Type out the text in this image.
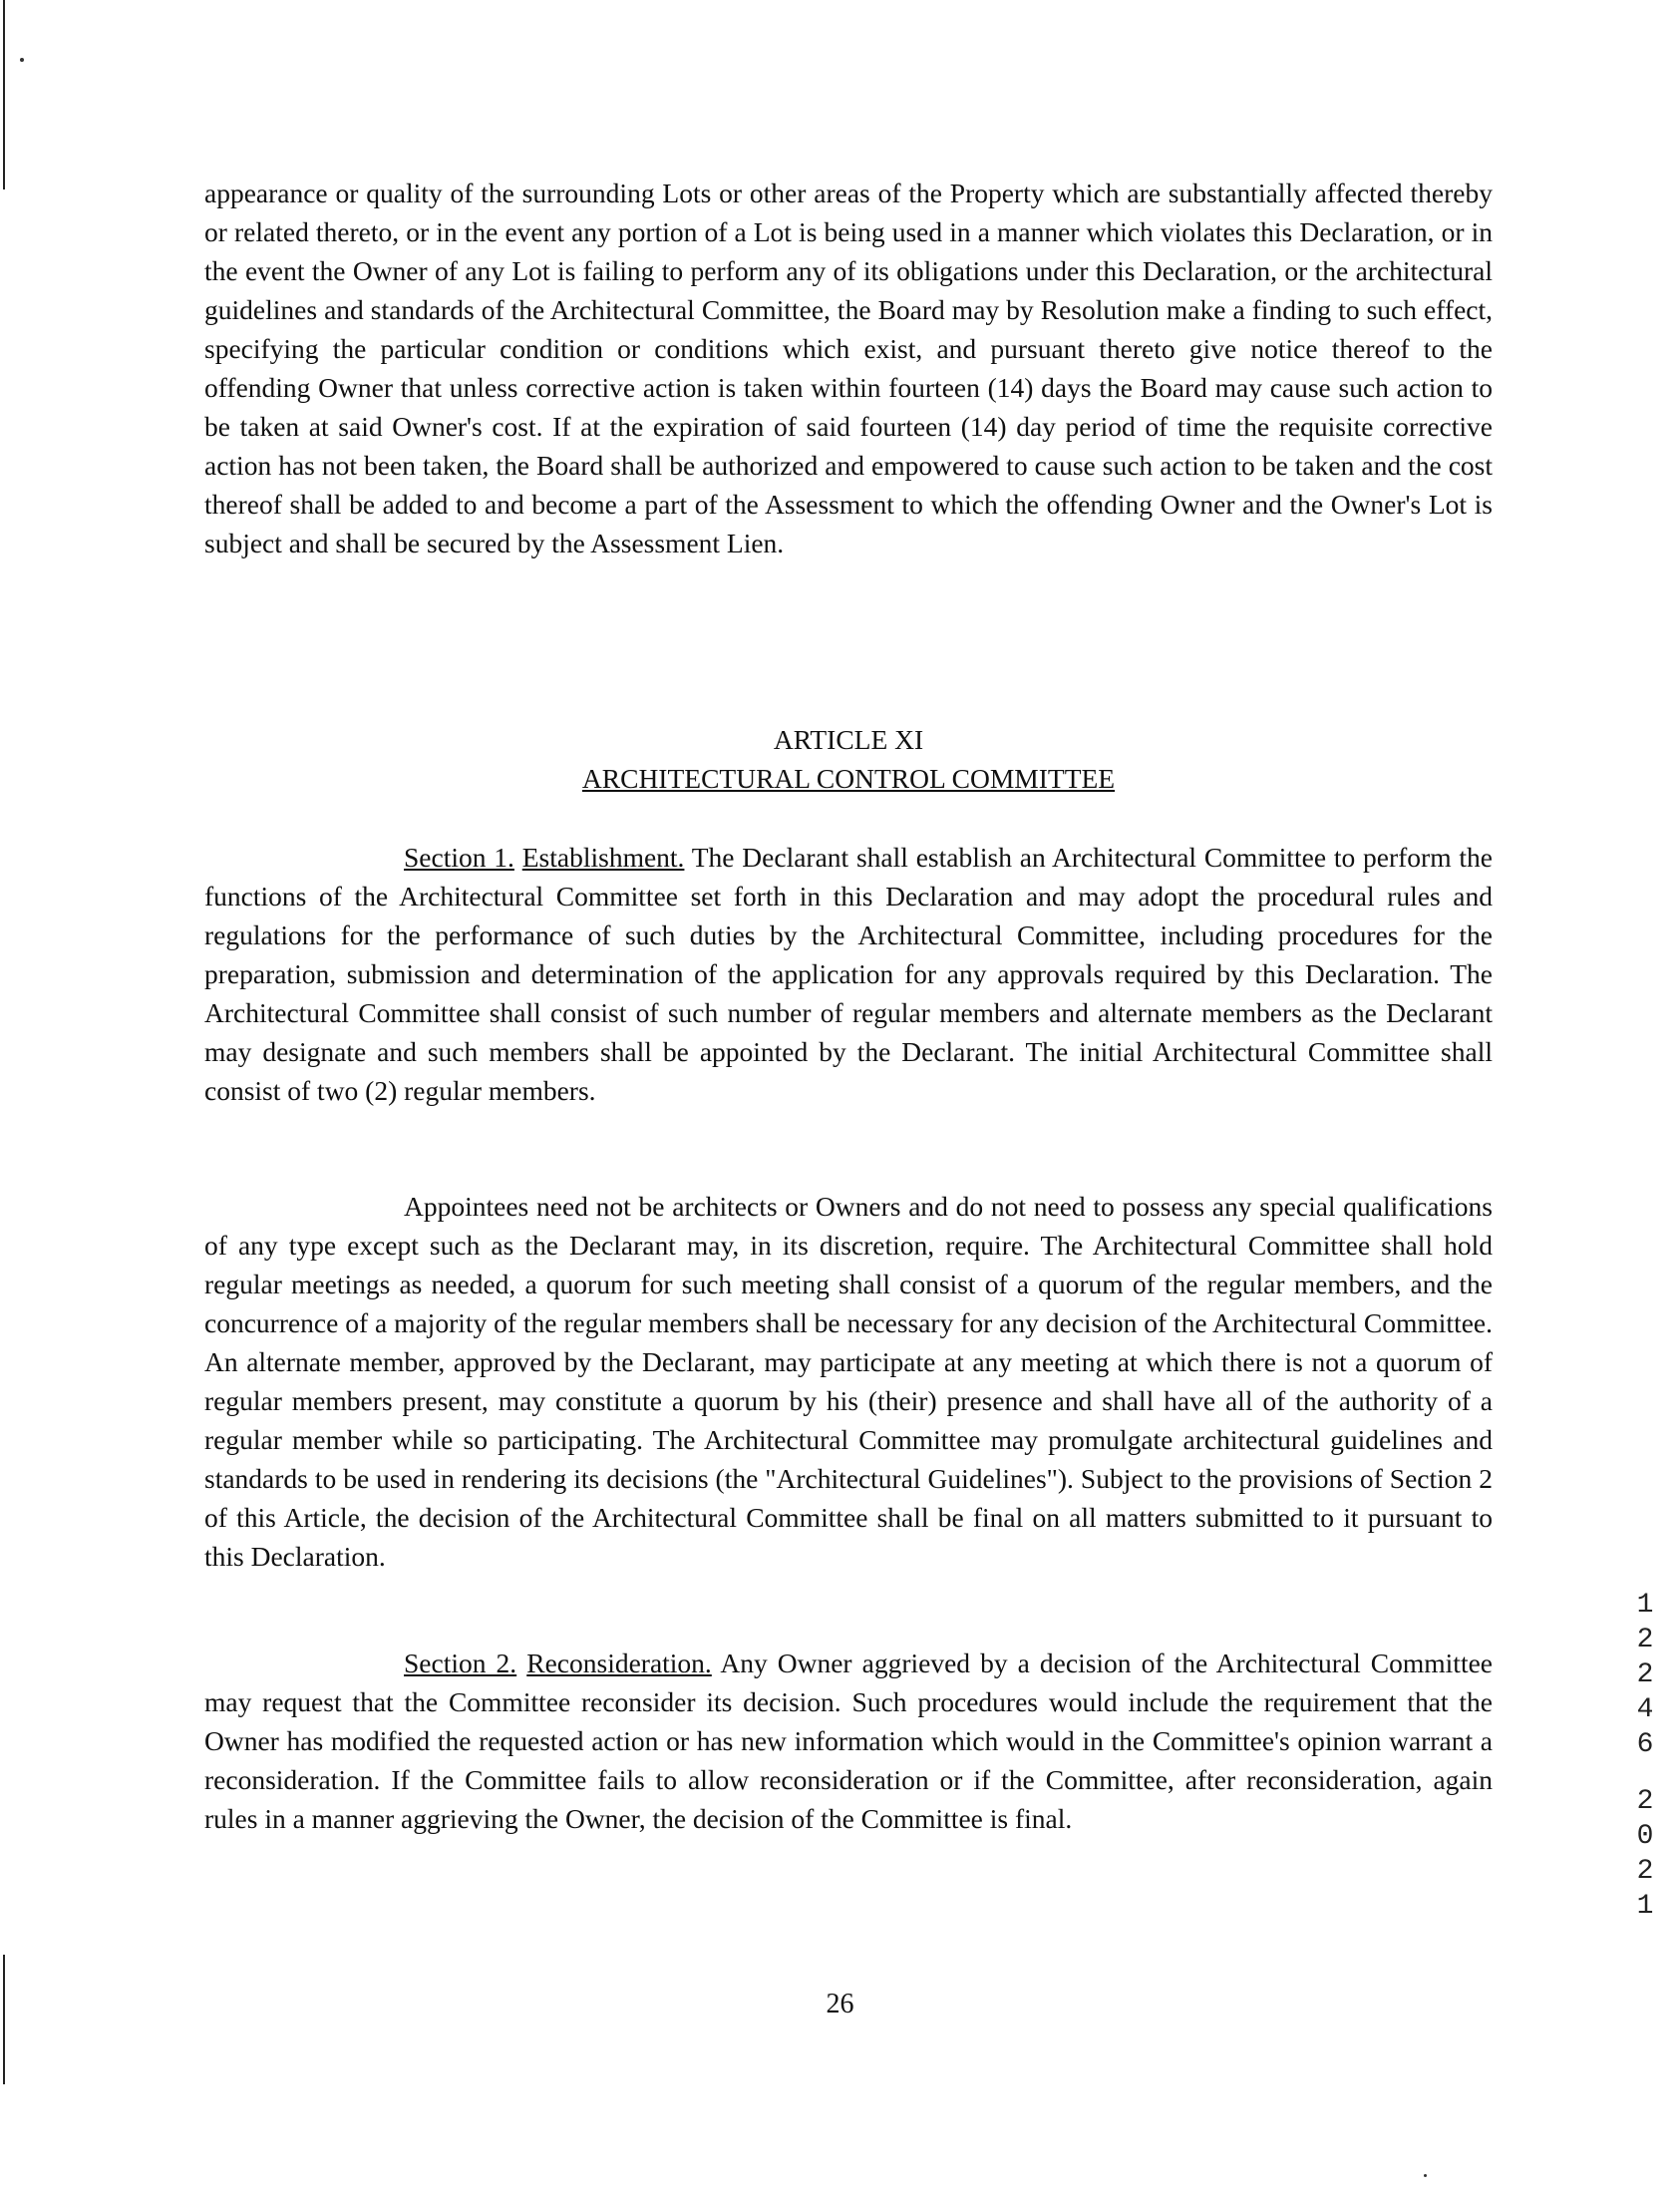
appearance or quality of the surrounding Lots or other areas of the Property which are substantially affected thereby or related thereto, or in the event any portion of a Lot is being used in a manner which violates this Declaration, or in the event the Owner of any Lot is failing to perform any of its obligations under this Declaration, or the architectural guidelines and standards of the Architectural Committee, the Board may by Resolution make a finding to such effect, specifying the particular condition or conditions which exist, and pursuant thereto give notice thereof to the offending Owner that unless corrective action is taken within fourteen (14) days the Board may cause such action to be taken at said Owner's cost. If at the expiration of said fourteen (14) day period of time the requisite corrective action has not been taken, the Board shall be authorized and empowered to cause such action to be taken and the cost thereof shall be added to and become a part of the Assessment to which the offending Owner and the Owner's Lot is subject and shall be secured by the Assessment Lien.

ARTICLE XI
ARCHITECTURAL CONTROL COMMITTEE

Section 1. Establishment. The Declarant shall establish an Architectural Committee to perform the functions of the Architectural Committee set forth in this Declaration and may adopt the procedural rules and regulations for the performance of such duties by the Architectural Committee, including procedures for the preparation, submission and determination of the application for any approvals required by this Declaration. The Architectural Committee shall consist of such number of regular members and alternate members as the Declarant may designate and such members shall be appointed by the Declarant. The initial Architectural Committee shall consist of two (2) regular members.

Appointees need not be architects or Owners and do not need to possess any special qualifications of any type except such as the Declarant may, in its discretion, require. The Architectural Committee shall hold regular meetings as needed, a quorum for such meeting shall consist of a quorum of the regular members, and the concurrence of a majority of the regular members shall be necessary for any decision of the Architectural Committee. An alternate member, approved by the Declarant, may participate at any meeting at which there is not a quorum of regular members present, may constitute a quorum by his (their) presence and shall have all of the authority of a regular member while so participating. The Architectural Committee may promulgate architectural guidelines and standards to be used in rendering its decisions (the "Architectural Guidelines"). Subject to the provisions of Section 2 of this Article, the decision of the Architectural Committee shall be final on all matters submitted to it pursuant to this Declaration.

Section 2. Reconsideration. Any Owner aggrieved by a decision of the Architectural Committee may request that the Committee reconsider its decision. Such procedures would include the requirement that the Owner has modified the requested action or has new information which would in the Committee's opinion warrant a reconsideration. If the Committee fails to allow reconsideration or if the Committee, after reconsideration, again rules in a manner aggrieving the Owner, the decision of the Committee is final.

26
1
2
2
4
6
2
0
2
1
